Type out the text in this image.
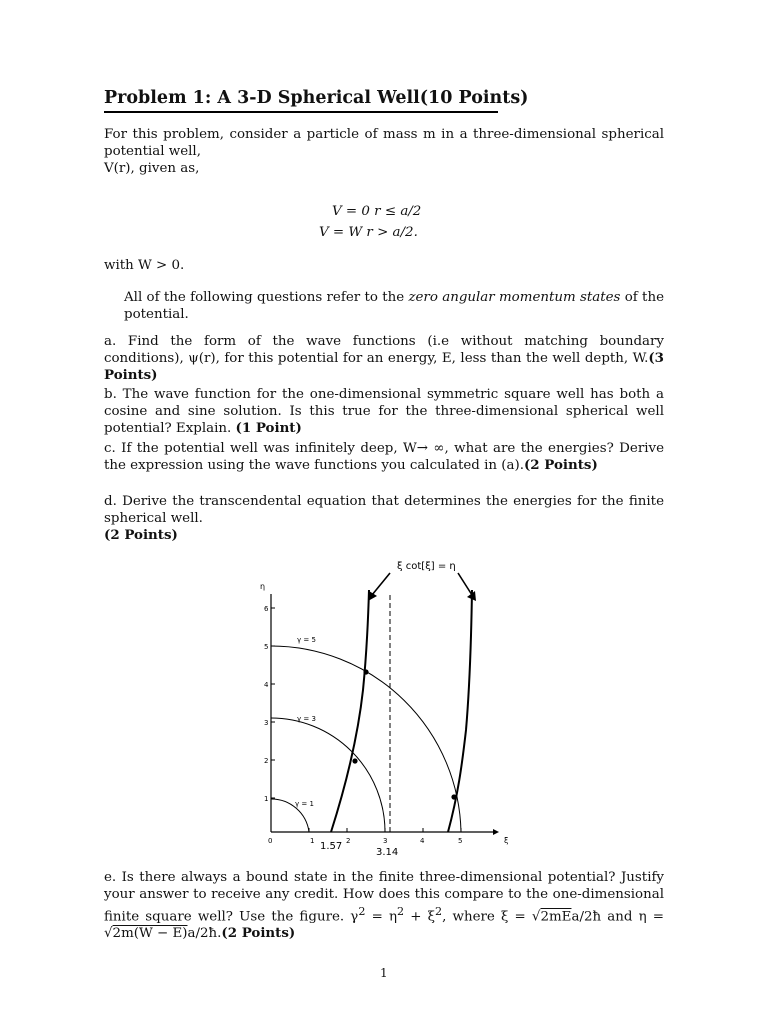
Problem 1: A 3-D Spherical Well(10 Points)
For this problem, consider a particle of mass m in a three-dimensional spherical potential well,
V(r), given as,
V = 0 r ≤ a/2
V = W r > a/2.
with W > 0.
All of the following questions refer to the zero angular momentum states of the potential.
a. Find the form of the wave functions (i.e without matching boundary conditions), ψ(r), for this potential for an energy, E, less than the well depth, W.(3 Points)
b. The wave function for the one-dimensional symmetric square well has both a cosine and sine solution. Is this true for the three-dimensional spherical well potential? Explain. (1 Point)
c. If the potential well was infinitely deep, W→ ∞, what are the energies? Derive the expression using the wave functions you calculated in (a).(2 Points)
d. Derive the transcendental equation that determines the energies for the finite spherical well.
(2 Points)
ξ cot[ξ] = η
η
ξ
1
2
3
4
5
6
0	1	2	3	4	5
1.57
3.14
γ = 5
γ = 3
γ = 1
e. Is there always a bound state in the finite three-dimensional potential? Justify your answer to receive any credit. How does this compare to the one-dimensional finite square well? Use the figure. $\gamma^2 = \eta^2 + \xi^2$, where ξ = √2mEa/2ħ and η = √2m(W − E)a/2ħ.(2 Points)
1
